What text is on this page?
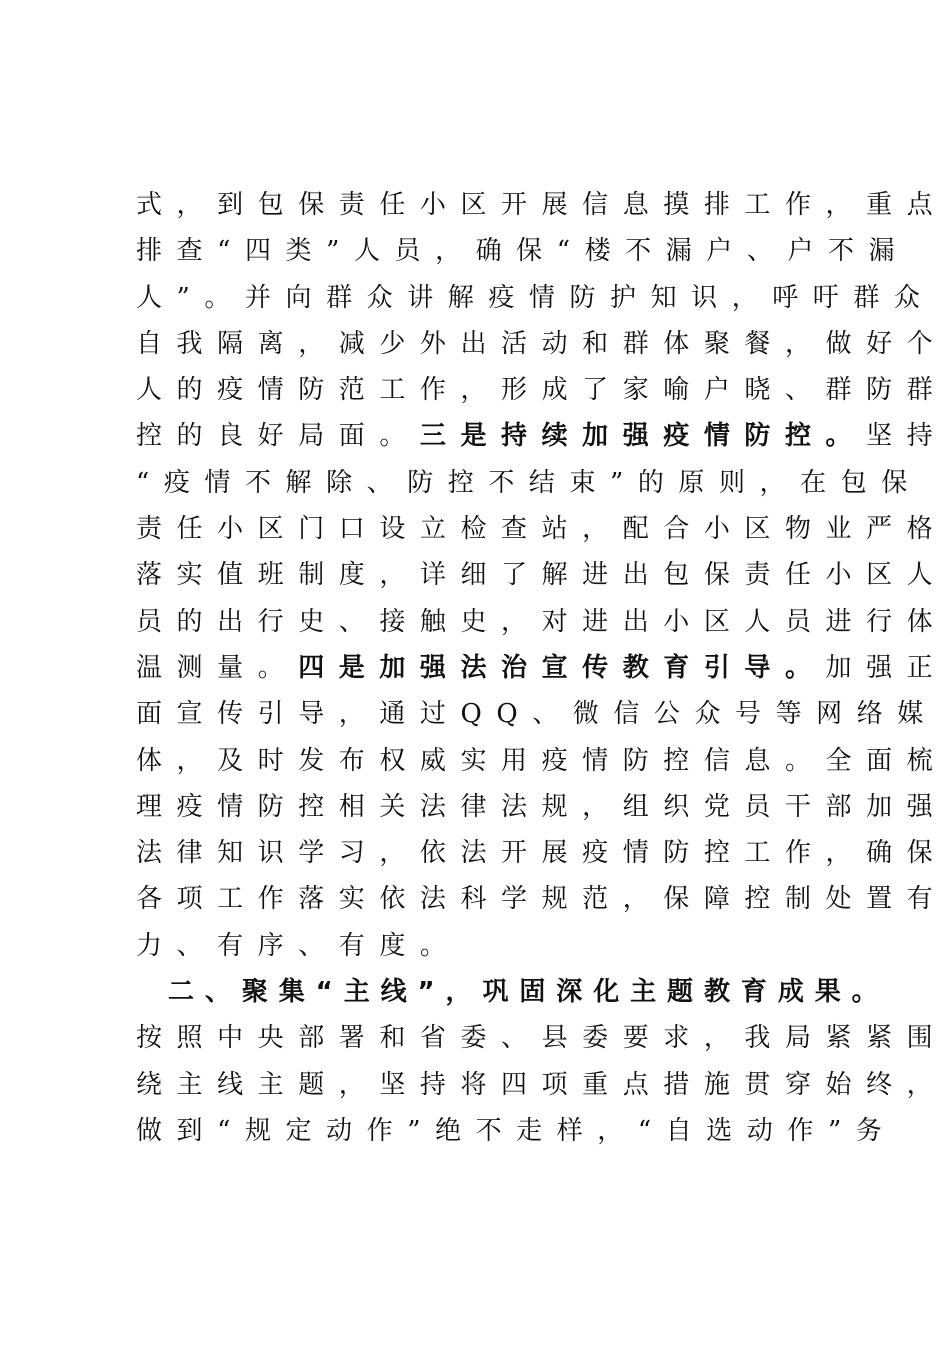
式，到包保责任小区开展信息摸排工作，重点
排查“四类”人员，确保“楼不漏户、户不漏
人”。并向群众讲解疫情防护知识，呼吁群众
自我隔离，减少外出活动和群体聚餐，做好个
人的疫情防范工作，形成了家喻户晓、群防群
控的良好局面。三是持续加强疫情防控。坚持
“疫情不解除、防控不结束”的原则，在包保
责任小区门口设立检查站，配合小区物业严格
落实值班制度，详细了解进出包保责任小区人
员的出行史、接触史，对进出小区人员进行体
温测量。四是加强法治宣传教育引导。加强正
面宣传引导，通过QQ、微信公众号等网络媒
体，及时发布权威实用疫情防控信息。全面梳
理疫情防控相关法律法规，组织党员干部加强
法律知识学习，依法开展疫情防控工作，确保
各项工作落实依法科学规范，保障控制处置有
力、有序、有度。
二、聚集“主线”，巩固深化主题教育成果。
按照中央部署和省委、县委要求，我局紧紧围
绕主线主题，坚持将四项重点措施贯穿始终，
做到“规定动作”绝不走样，“自选动作”务
